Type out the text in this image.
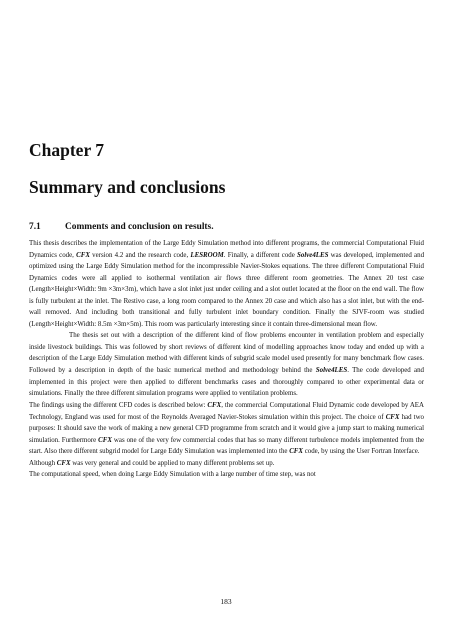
Chapter 7
Summary and conclusions
7.1	Comments and conclusion on results.

This thesis describes the implementation of the Large Eddy Simulation method into different programs, the commercial Computational Fluid Dynamics code, CFX version 4.2 and the research code, LESROOM. Finally, a different code Solve4LES was developed, implemented and optimized using the Large Eddy Simulation method for the incompressible Navier-Stokes equations. The three different Computational Fluid Dynamics codes were all applied to isothermal ventilation air flows three different room geometries. The Annex 20 test case (Length×Height×Width: 9m ×3m×3m), which have a slot inlet just under ceiling and a slot outlet located at the floor on the end wall. The flow is fully turbulent at the inlet. The Restivo case, a long room compared to the Annex 20 case and which also has a slot inlet, but with the end-wall removed. And including both transitional and fully turbulent inlet boundary condition. Finally the SJVF-room was studied (Length×Height×Width: 8.5m ×3m×5m). This room was particularly interesting since it contain three-dimensional mean flow.

The thesis set out with a description of the different kind of flow problems encounter in ventilation problem and especially inside livestock buildings. This was followed by short reviews of different kind of modelling approaches know today and ended up with a description of the Large Eddy Simulation method with different kinds of subgrid scale model used presently for many benchmark flow cases. Followed by a description in depth of the basic numerical method and methodology behind the Solve4LES. The code developed and implemented in this project were then applied to different benchmarks cases and thoroughly compared to other experimental data or simulations. Finally the three different simulation programs were applied to ventilation problems.

The findings using the different CFD codes is described below: CFX, the commercial Computational Fluid Dynamic code developed by AEA Technology, England was used for most of the Reynolds Averaged Navier-Stokes simulation within this project. The choice of CFX had two purposes: It should save the work of making a new general CFD programme from scratch and it would give a jump start to making numerical simulation. Furthermore CFX was one of the very few commercial codes that has so many different turbulence models implemented from the start. Also there different subgrid model for Large Eddy Simulation was implemented into the CFX code, by using the User Fortran Interface.

Although CFX was very general and could be applied to many different problems set up.

The computational speed, when doing Large Eddy Simulation with a large number of time step, was not

183
